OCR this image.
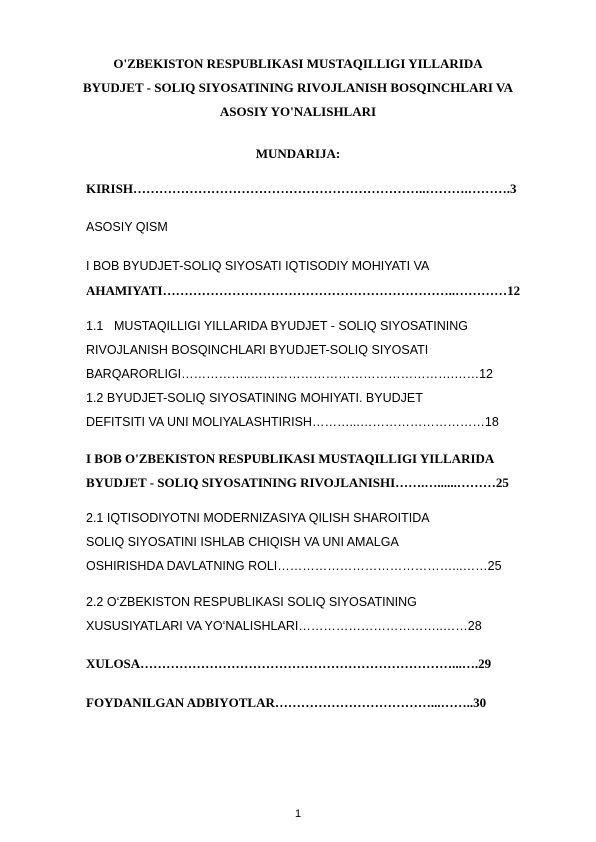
O'ZBEKISTON RESPUBLIKASI MUSTAQILLIGI YILLARIDA
BYUDJET - SOLIQ SIYOSATINING RIVOJLANISH BOSQINCHLARI VA
ASOSIY YO'NALISHLARI
MUNDARIJA:
KIRISH…………………………………………………………..……….……….3
ASOSIY QISM
I BOB BYUDJET-SOLIQ SIYOSATI IQTISODIY MOHIYATI VA
AHAMIYATI…………………………………………………………..…………12
1.1 MUSTAQILLIGI YILLARIDA BYUDJET - SOLIQ SIYOSATINING
RIVOJLANISH BOSQINCHLARI BYUDJET-SOLIQ SIYOSATI
BARQARORLIGI……………..………………………………………….……12
1.2 BYUDJET-SOLIQ SIYOSATINING MOHIYATI. BYUDJET
DEFITSITI VA UNI MOLIYALASHTIRISH………...…………………………18
I BOB O'ZBEKISTON RESPUBLIKASI MUSTAQILLIGI YILLARIDA
BYUDJET - SOLIQ SIYOSATINING RIVOJLANISHI…….…......………25
2.1 IQTISODIYOTNI MODERNIZASIYA QILISH SHAROITIDA
SOLIQ SIYOSATINI ISHLAB CHIQISH VA UNI AMALGA
OSHIRISHDA DAVLATNING ROLI……………………………………...……25
2.2 O‘ZBEKISTON RESPUBLIKASI SOLIQ SIYOSATINING
XUSUSIYATLARI VA YO‘NALISHLARI……………………………..……28
XULOSA………………………………………………………………...….29
FOYDANILGAN ADBIYOTLAR………………………………...……..30
1
